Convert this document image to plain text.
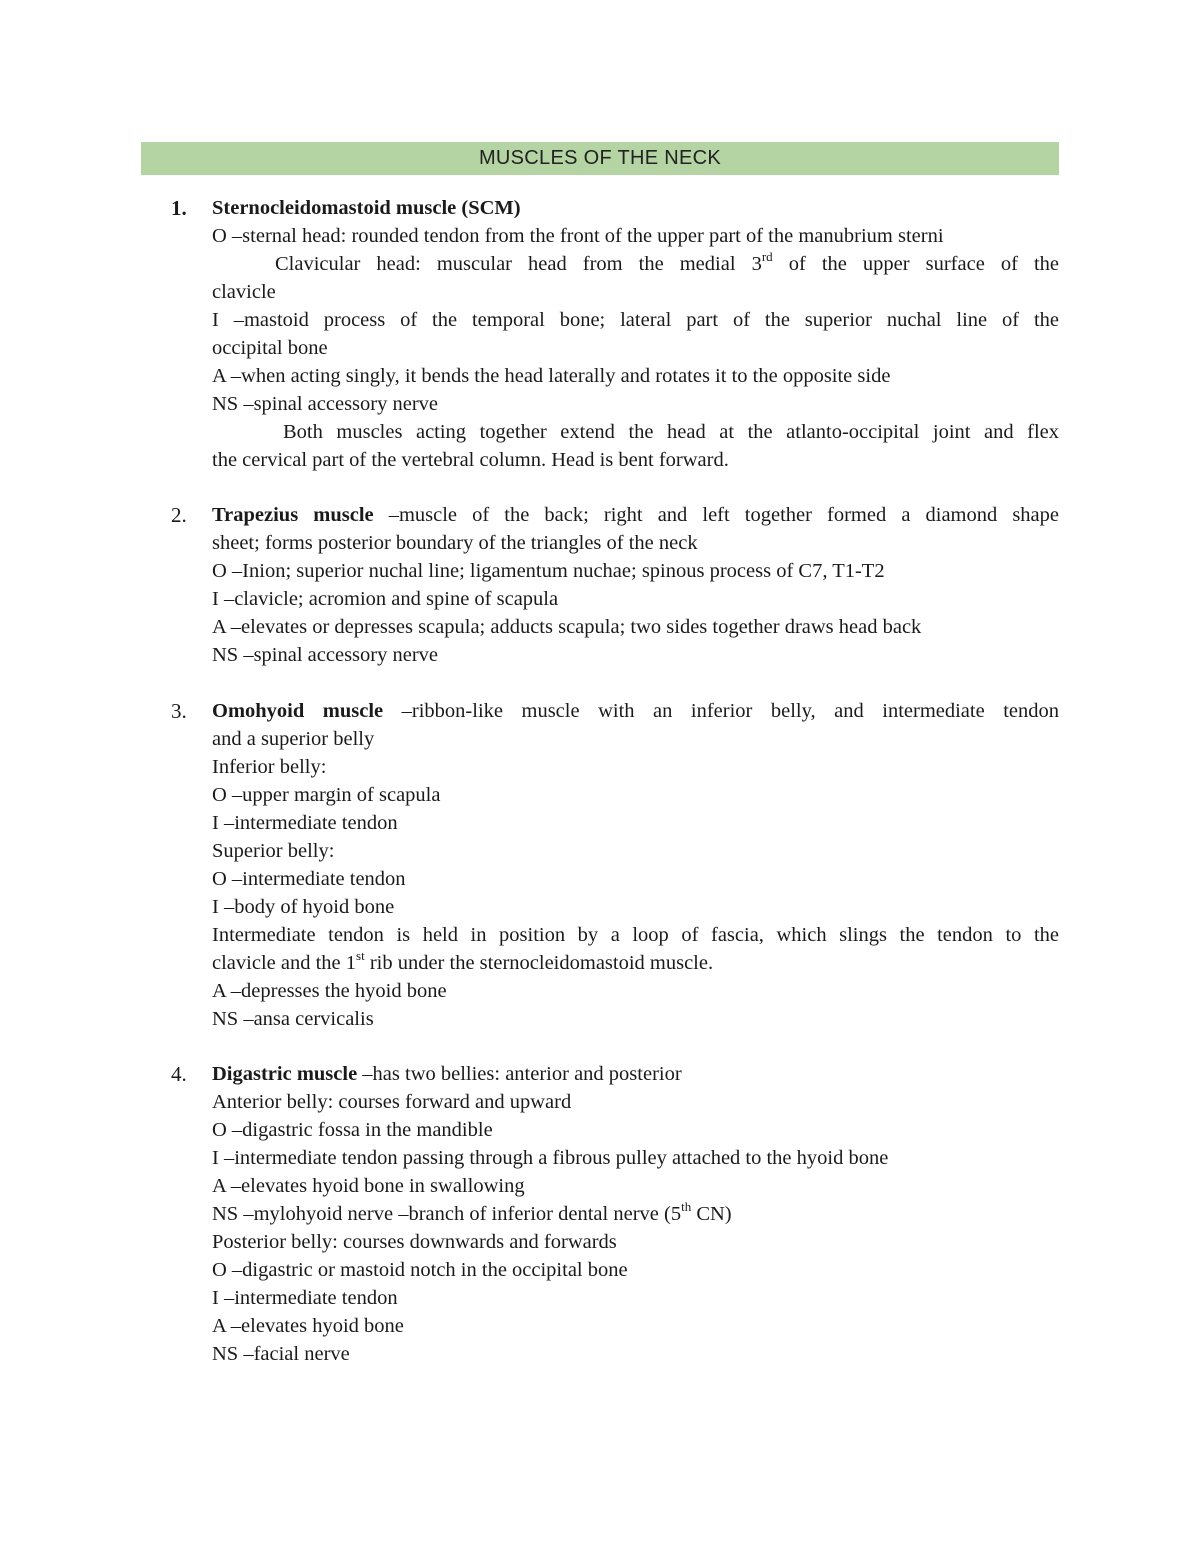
MUSCLES OF THE NECK
1.	Sternocleidomastoid muscle (SCM)
O –sternal head: rounded tendon from the front of the upper part of the manubrium sterni
Clavicular head: muscular head from the medial 3rd of the upper surface of the
clavicle
I –mastoid process of the temporal bone; lateral part of the superior nuchal line of the
occipital bone
A –when acting singly, it bends the head laterally and rotates it to the opposite side
NS –spinal accessory nerve
Both muscles acting together extend the head at the atlanto-occipital joint and flex
the cervical part of the vertebral column. Head is bent forward.
2.	Trapezius muscle –muscle of the back; right and left together formed a diamond shape
sheet; forms posterior boundary of the triangles of the neck
O –Inion; superior nuchal line; ligamentum nuchae; spinous process of C7, T1-T2
I –clavicle; acromion and spine of scapula
A –elevates or depresses scapula; adducts scapula; two sides together draws head back
NS –spinal accessory nerve
3.	Omohyoid muscle –ribbon-like muscle with an inferior belly, and intermediate tendon
and a superior belly
Inferior belly:
O –upper margin of scapula
I –intermediate tendon
Superior belly:
O –intermediate tendon
I –body of hyoid bone
Intermediate tendon is held in position by a loop of fascia, which slings the tendon to the
clavicle and the 1st rib under the sternocleidomastoid muscle.
A –depresses the hyoid bone
NS –ansa cervicalis
4.	Digastric muscle –has two bellies: anterior and posterior
Anterior belly: courses forward and upward
O –digastric fossa in the mandible
I –intermediate tendon passing through a fibrous pulley attached to the hyoid bone
A –elevates hyoid bone in swallowing
NS –mylohyoid nerve –branch of inferior dental nerve (5th CN)
Posterior belly: courses downwards and forwards
O –digastric or mastoid notch in the occipital bone
I –intermediate tendon
A –elevates hyoid bone
NS –facial nerve
